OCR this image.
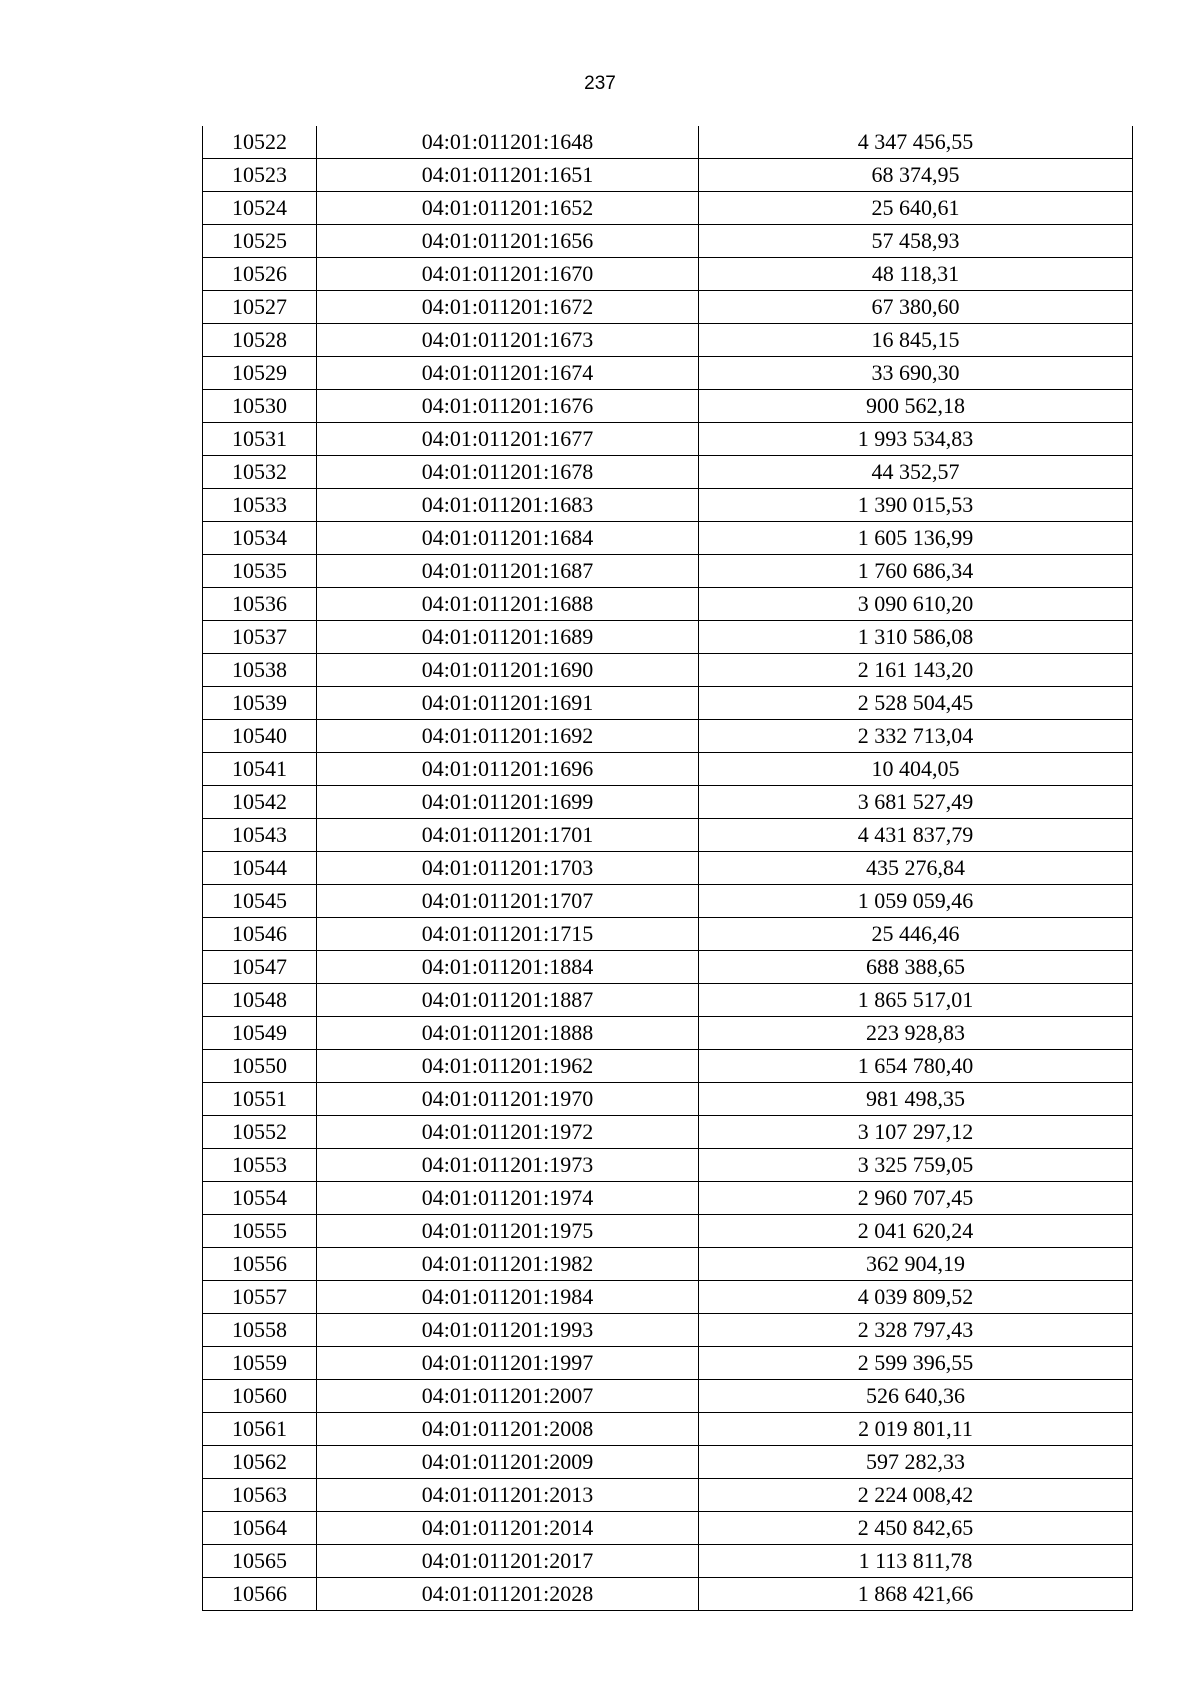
237
10522	04:01:011201:1648	4 347 456,55
10523	04:01:011201:1651	68 374,95
10524	04:01:011201:1652	25 640,61
10525	04:01:011201:1656	57 458,93
10526	04:01:011201:1670	48 118,31
10527	04:01:011201:1672	67 380,60
10528	04:01:011201:1673	16 845,15
10529	04:01:011201:1674	33 690,30
10530	04:01:011201:1676	900 562,18
10531	04:01:011201:1677	1 993 534,83
10532	04:01:011201:1678	44 352,57
10533	04:01:011201:1683	1 390 015,53
10534	04:01:011201:1684	1 605 136,99
10535	04:01:011201:1687	1 760 686,34
10536	04:01:011201:1688	3 090 610,20
10537	04:01:011201:1689	1 310 586,08
10538	04:01:011201:1690	2 161 143,20
10539	04:01:011201:1691	2 528 504,45
10540	04:01:011201:1692	2 332 713,04
10541	04:01:011201:1696	10 404,05
10542	04:01:011201:1699	3 681 527,49
10543	04:01:011201:1701	4 431 837,79
10544	04:01:011201:1703	435 276,84
10545	04:01:011201:1707	1 059 059,46
10546	04:01:011201:1715	25 446,46
10547	04:01:011201:1884	688 388,65
10548	04:01:011201:1887	1 865 517,01
10549	04:01:011201:1888	223 928,83
10550	04:01:011201:1962	1 654 780,40
10551	04:01:011201:1970	981 498,35
10552	04:01:011201:1972	3 107 297,12
10553	04:01:011201:1973	3 325 759,05
10554	04:01:011201:1974	2 960 707,45
10555	04:01:011201:1975	2 041 620,24
10556	04:01:011201:1982	362 904,19
10557	04:01:011201:1984	4 039 809,52
10558	04:01:011201:1993	2 328 797,43
10559	04:01:011201:1997	2 599 396,55
10560	04:01:011201:2007	526 640,36
10561	04:01:011201:2008	2 019 801,11
10562	04:01:011201:2009	597 282,33
10563	04:01:011201:2013	2 224 008,42
10564	04:01:011201:2014	2 450 842,65
10565	04:01:011201:2017	1 113 811,78
10566	04:01:011201:2028	1 868 421,66
